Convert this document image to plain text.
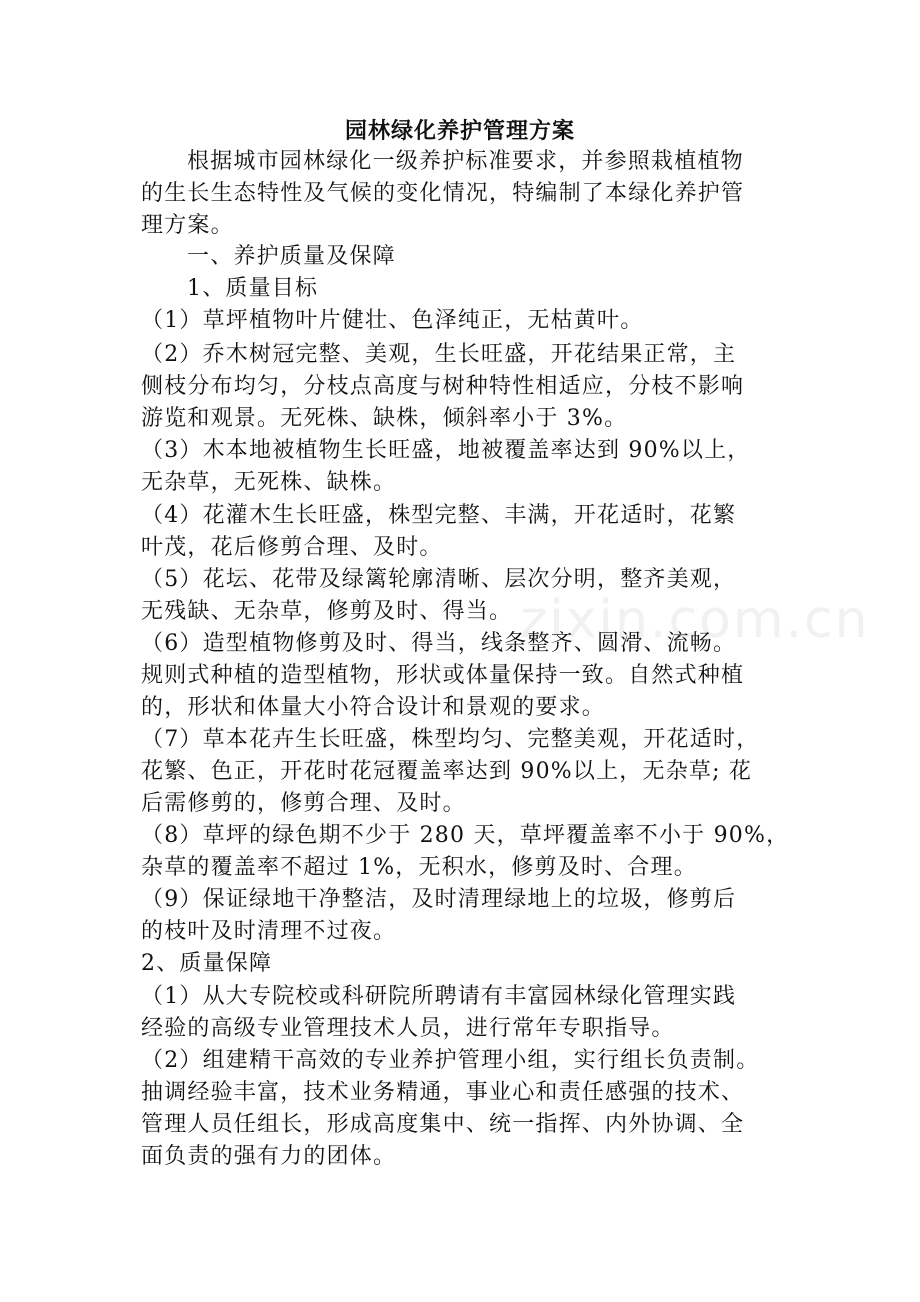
zixin.com.cn
园林绿化养护管理方案
根据城市园林绿化一级养护标准要求，并参照栽植植物
的生长生态特性及气候的变化情况，特编制了本绿化养护管
理方案。
一、养护质量及保障
1、质量目标
（1）草坪植物叶片健壮、色泽纯正，无枯黄叶。
（2）乔木树冠完整、美观，生长旺盛，开花结果正常，主
侧枝分布均匀，分枝点高度与树种特性相适应，分枝不影响
游览和观景。无死株、缺株，倾斜率小于 3%。
（3）木本地被植物生长旺盛，地被覆盖率达到 90%以上，
无杂草，无死株、缺株。
（4）花灌木生长旺盛，株型完整、丰满，开花适时，花繁
叶茂，花后修剪合理、及时。
（5）花坛、花带及绿篱轮廓清晰、层次分明，整齐美观，
无残缺、无杂草，修剪及时、得当。
（6）造型植物修剪及时、得当，线条整齐、圆滑、流畅。
规则式种植的造型植物，形状或体量保持一致。自然式种植
的，形状和体量大小符合设计和景观的要求。
（7）草本花卉生长旺盛，株型均匀、完整美观，开花适时，
花繁、色正，开花时花冠覆盖率达到 90%以上，无杂草; 花
后需修剪的，修剪合理、及时。
（8）草坪的绿色期不少于 280 天，草坪覆盖率不小于 90%，
杂草的覆盖率不超过 1%，无积水，修剪及时、合理。
（9）保证绿地干净整洁，及时清理绿地上的垃圾，修剪后
的枝叶及时清理不过夜。
2、质量保障
（1）从大专院校或科研院所聘请有丰富园林绿化管理实践
经验的高级专业管理技术人员，进行常年专职指导。
（2）组建精干高效的专业养护管理小组，实行组长负责制。
抽调经验丰富，技术业务精通，事业心和责任感强的技术、
管理人员任组长，形成高度集中、统一指挥、内外协调、全
面负责的强有力的团体。
